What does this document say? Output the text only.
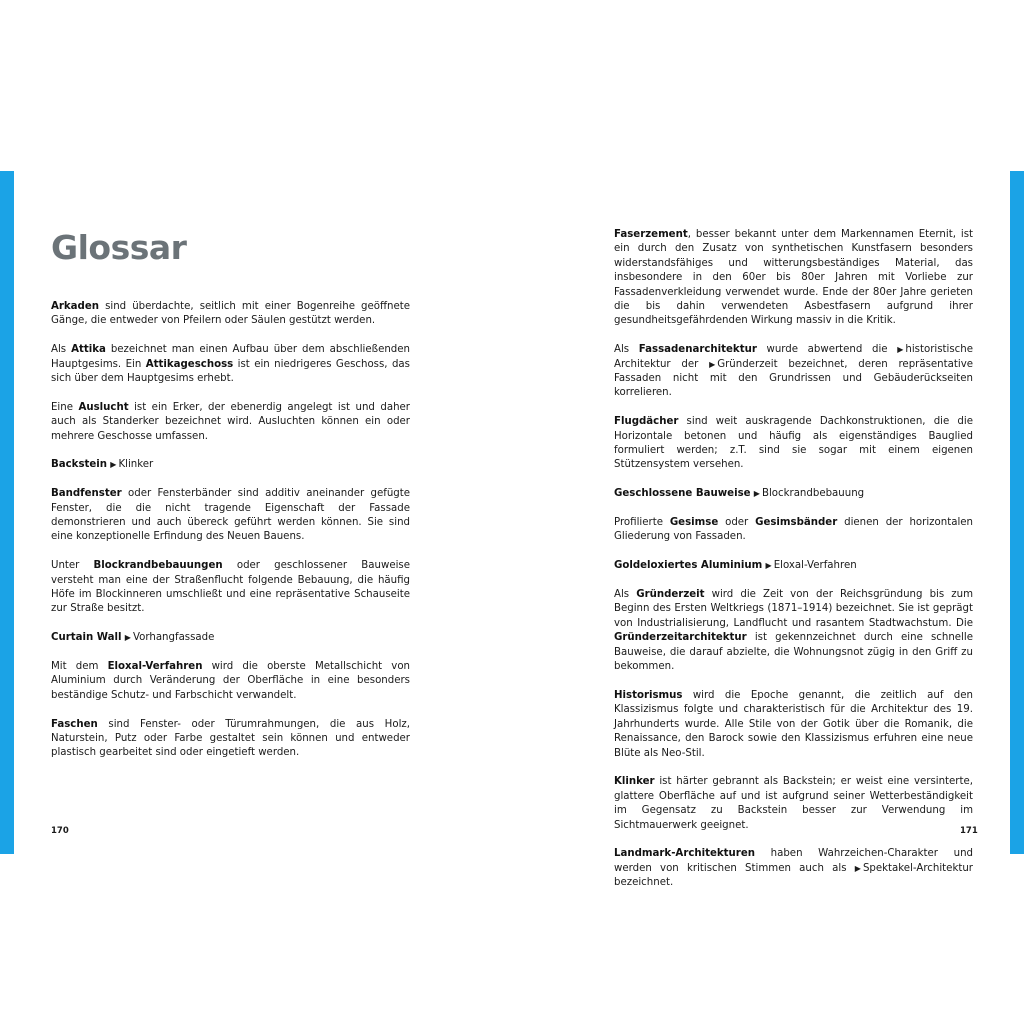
Glossar

Arkaden sind überdachte, seitlich mit einer Bogenreihe geöffnete Gänge, die entweder von Pfeilern oder Säulen gestützt werden.

Als Attika bezeichnet man einen Aufbau über dem abschließenden Hauptgesims. Ein Attikageschoss ist ein niedrigeres Geschoss, das sich über dem Hauptgesims erhebt.

Eine Auslucht ist ein Erker, der ebenerdig angelegt ist und daher auch als Standerker bezeichnet wird. Ausluchten können ein oder mehrere Geschosse umfassen.

Backstein ▶ Klinker

Bandfenster oder Fensterbänder sind additiv aneinander gefügte Fenster, die die nicht tragende Eigenschaft der Fassade demonstrieren und auch übereck geführt werden können. Sie sind eine konzeptionelle Erfindung des Neuen Bauens.

Unter Blockrandbebauungen oder geschlossener Bauweise versteht man eine der Straßenflucht folgende Bebauung, die häufig Höfe im Blockinneren umschließt und eine repräsentative Schauseite zur Straße besitzt.

Curtain Wall ▶ Vorhangfassade

Mit dem Eloxal-Verfahren wird die oberste Metallschicht von Aluminium durch Veränderung der Oberfläche in eine besonders beständige Schutz- und Farbschicht verwandelt.

Faschen sind Fenster- oder Türumrahmungen, die aus Holz, Naturstein, Putz oder Farbe gestaltet sein können und entweder plastisch gearbeitet sind oder eingetieft werden.

Faserzement, besser bekannt unter dem Markennamen Eternit, ist ein durch den Zusatz von synthetischen Kunstfasern besonders widerstandsfähiges und witterungsbeständiges Material, das insbesondere in den 60er bis 80er Jahren mit Vorliebe zur Fassadenverkleidung verwendet wurde. Ende der 80er Jahre gerieten die bis dahin verwendeten Asbestfasern aufgrund ihrer gesundheitsgefährdenden Wirkung massiv in die Kritik.

Als Fassadenarchitektur wurde abwertend die ▶ historistische Architektur der ▶ Gründerzeit bezeichnet, deren repräsentative Fassaden nicht mit den Grundrissen und Gebäuderückseiten korrelieren.

Flugdächer sind weit auskragende Dachkonstruktionen, die die Horizontale betonen und häufig als eigenständiges Bauglied formuliert werden; z.T. sind sie sogar mit einem eigenen Stützensystem versehen.

Geschlossene Bauweise ▶ Blockrandbebauung

Profilierte Gesimse oder Gesimsbänder dienen der horizontalen Gliederung von Fassaden.

Goldeloxiertes Aluminium ▶ Eloxal-Verfahren

Als Gründerzeit wird die Zeit von der Reichsgründung bis zum Beginn des Ersten Weltkriegs (1871–1914) bezeichnet. Sie ist geprägt von Industrialisierung, Landflucht und rasantem Stadtwachstum. Die Gründerzeitarchitektur ist gekennzeichnet durch eine schnelle Bauweise, die darauf abzielte, die Wohnungsnot zügig in den Griff zu bekommen.

Historismus wird die Epoche genannt, die zeitlich auf den Klassizismus folgte und charakteristisch für die Architektur des 19. Jahrhunderts wurde. Alle Stile von der Gotik über die Romanik, die Renaissance, den Barock sowie den Klassizismus erfuhren eine neue Blüte als Neo-Stil.

Klinker ist härter gebrannt als Backstein; er weist eine versinterte, glattere Oberfläche auf und ist aufgrund seiner Wetterbeständigkeit im Gegensatz zu Backstein besser zur Verwendung im Sichtmauerwerk geeignet.

Landmark-Architekturen haben Wahrzeichen-Charakter und werden von kritischen Stimmen auch als ▶ Spektakel-Architektur bezeichnet.

170	171
